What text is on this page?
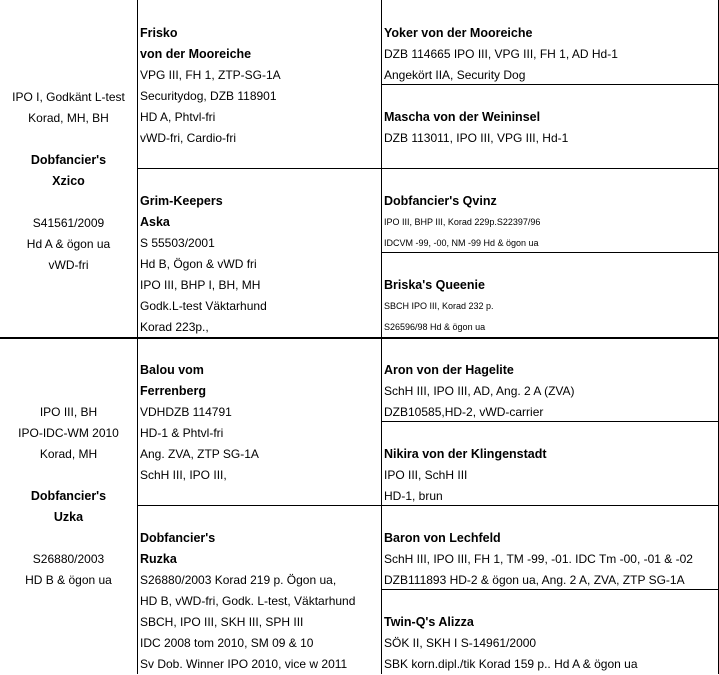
IPO I, Godkänt L-test
Korad, MH, BH
Dobfancier's
Xzico
S41561/2009
Hd A & ögon ua
vWD-fri
Frisko
von der Mooreiche
VPG III, FH 1, ZTP-SG-1A
Securitydog, DZB 118901
HD A, Phtvl-fri
vWD-fri, Cardio-fri
Grim-Keepers
Aska
S 55503/2001
Hd B, Ögon & vWD fri
IPO III, BHP I, BH, MH
Godk.L-test Väktarhund
Korad 223p.,
Yoker von der Mooreiche
DZB 114665 IPO III, VPG III, FH 1, AD Hd-1
Angekört IIA, Security Dog
Mascha von der Weininsel
DZB 113011, IPO III, VPG III, Hd-1
Dobfancier's Qvinz
IPO III, BHP III, Korad 229p.S22397/96
IDCVM -99, -00, NM -99 Hd & ögon ua
Briska's Queenie
SBCH IPO III, Korad 232 p.
S26596/98 Hd & ögon ua
IPO III, BH
IPO-IDC-WM 2010
Korad, MH
Dobfancier's
Uzka
S26880/2003
HD B & ögon ua
Balou vom
Ferrenberg
VDHDZB 114791
HD-1 & Phtvl-fri
Ang. ZVA, ZTP SG-1A
SchH III, IPO III,
Dobfancier's
Ruzka
S26880/2003 Korad 219 p. Ögon ua,
HD B, vWD-fri, Godk. L-test, Väktarhund
SBCH, IPO III, SKH III, SPH III
IDC 2008 tom 2010, SM 09 & 10
Sv Dob. Winner IPO 2010, vice w 2011
Aron von der Hagelite
SchH III, IPO III, AD, Ang. 2 A (ZVA)
DZB10585,HD-2, vWD-carrier
Nikira von der Klingenstadt
IPO III, SchH III
HD-1, brun
Baron von Lechfeld
SchH III, IPO III, FH 1, TM -99, -01. IDC Tm -00, -01 & -02
DZB111893 HD-2 & ögon ua, Ang. 2 A, ZVA, ZTP SG-1A
Twin-Q's Alizza
SÖK II, SKH I S-14961/2000
SBK korn.dipl./tik Korad 159 p.. Hd A & ögon ua
